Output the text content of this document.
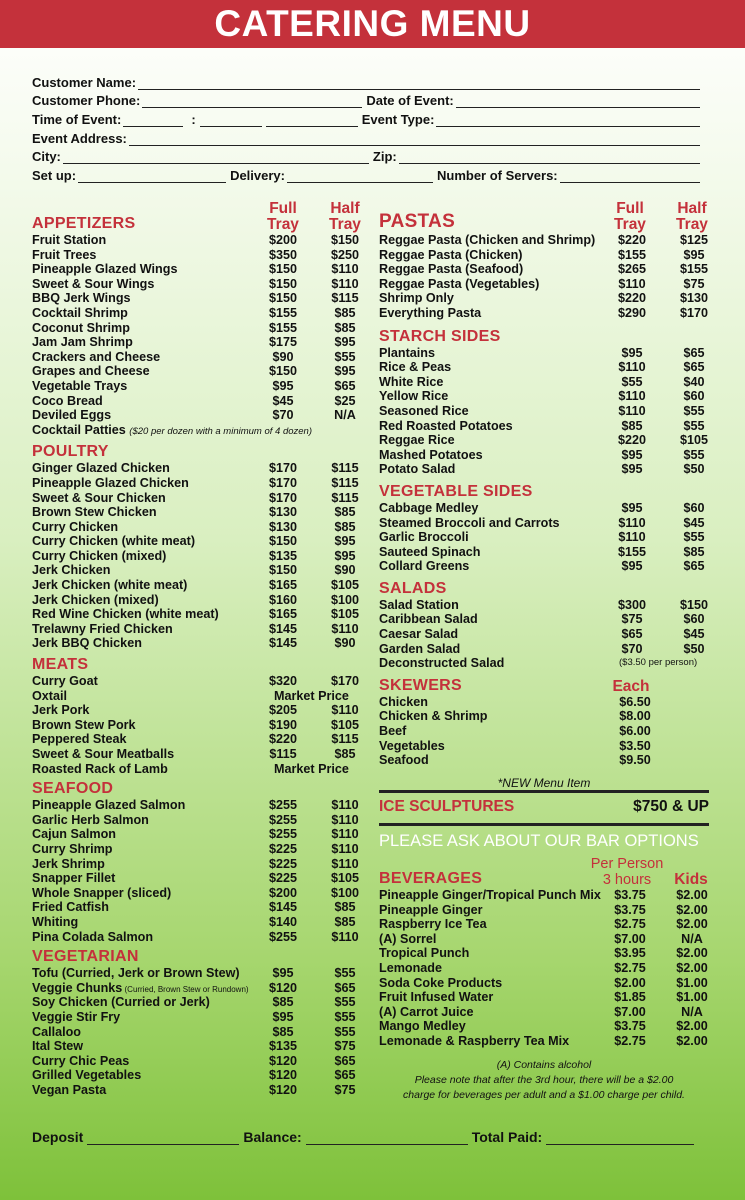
CATERING MENU
Customer Name:
Customer Phone:	Date of Event:
Time of Event:	:	Event Type:
Event Address:
City:	Zip:
Set up:	Delivery:	Number of Servers:
APPETIZERS
Full Tray
Half Tray
Fruit Station	$200	$150
Fruit Trees	$350	$250
Pineapple Glazed Wings	$150	$110
Sweet & Sour Wings	$150	$110
BBQ Jerk Wings	$150	$115
Cocktail Shrimp	$155	$85
Coconut Shrimp	$155	$85
Jam Jam Shrimp	$175	$95
Crackers and Cheese	$90	$55
Grapes and Cheese	$150	$95
Vegetable Trays	$95	$65
Coco Bread	$45	$25
Deviled Eggs	$70	N/A
Cocktail Patties ($20 per dozen with a minimum of 4 dozen)
POULTRY
Ginger Glazed Chicken	$170	$115
Pineapple Glazed Chicken	$170	$115
Sweet & Sour Chicken	$170	$115
Brown Stew Chicken	$130	$85
Curry Chicken	$130	$85
Curry Chicken (white meat)	$150	$95
Curry Chicken (mixed)	$135	$95
Jerk Chicken	$150	$90
Jerk Chicken (white meat)	$165	$105
Jerk Chicken (mixed)	$160	$100
Red Wine Chicken (white meat)	$165	$105
Trelawny Fried Chicken	$145	$110
Jerk BBQ Chicken	$145	$90
MEATS
Curry Goat	$320	$170
Oxtail	Market Price
Jerk Pork	$205	$110
Brown Stew Pork	$190	$105
Peppered Steak	$220	$115
Sweet & Sour Meatballs	$115	$85
Roasted Rack of Lamb	Market Price
SEAFOOD
Pineapple Glazed Salmon	$255	$110
Garlic Herb Salmon	$255	$110
Cajun Salmon	$255	$110
Curry Shrimp	$225	$110
Jerk Shrimp	$225	$110
Snapper Fillet	$225	$105
Whole Snapper (sliced)	$200	$100
Fried Catfish	$145	$85
Whiting	$140	$85
Pina Colada Salmon	$255	$110
VEGETARIAN
Tofu (Curried, Jerk or Brown Stew)	$95	$55
Veggie Chunks (Curried, Brown Stew or Rundown) $120	$65
Soy Chicken (Curried or Jerk)	$85	$55
Veggie Stir Fry	$95	$55
Callaloo	$85	$55
Ital Stew	$135	$75
Curry Chic Peas	$120	$65
Grilled Vegetables	$120	$65
Vegan Pasta	$120	$75
PASTAS
Full Tray
Half Tray
Reggae Pasta (Chicken and Shrimp) $220	$125
Reggae Pasta (Chicken)	$155	$95
Reggae Pasta (Seafood)	$265	$155
Reggae Pasta (Vegetables)	$110	$75
Shrimp Only	$220	$130
Everything Pasta	$290	$170
STARCH SIDES
Plantains	$95	$65
Rice & Peas	$110	$65
White Rice	$55	$40
Yellow Rice	$110	$60
Seasoned Rice	$110	$55
Red Roasted Potatoes	$85	$55
Reggae Rice	$220	$105
Mashed Potatoes	$95	$55
Potato Salad	$95	$50
VEGETABLE SIDES
Cabbage Medley	$95	$60
Steamed Broccoli and Carrots	$110	$45
Garlic Broccoli	$110	$55
Sauteed Spinach	$155	$85
Collard Greens	$95	$65
SALADS
Salad Station	$300	$150
Caribbean Salad	$75	$60
Caesar Salad	$65	$45
Garden Salad	$70	$50
Deconstructed Salad	($3.50 per person)
SKEWERS	Each
Chicken	$6.50
Chicken & Shrimp	$8.00
Beef	$6.00
Vegetables	$3.50
Seafood	$9.50
*NEW Menu Item
ICE SCULPTURES	$750 & UP
PLEASE ASK ABOUT OUR BAR OPTIONS
BEVERAGES
Per Person
3 hours	Kids
Pineapple Ginger/Tropical Punch Mix $3.75 $2.00
Pineapple Ginger	$3.75 $2.00
Raspberry Ice Tea	$2.75 $2.00
(A) Sorrel	$7.00	N/A
Tropical Punch	$3.95 $2.00
Lemonade	$2.75 $2.00
Soda Coke Products	$2.00 $1.00
Fruit Infused Water	$1.85 $1.00
(A) Carrot Juice	$7.00	N/A
Mango Medley	$3.75 $2.00
Lemonade & Raspberry Tea Mix	$2.75 $2.00
(A) Contains alcohol
Please note that after the 3rd hour, there will be a $2.00
charge for beverages per adult and a $1.00 charge per child.
Deposit	Balance:	Total Paid:
